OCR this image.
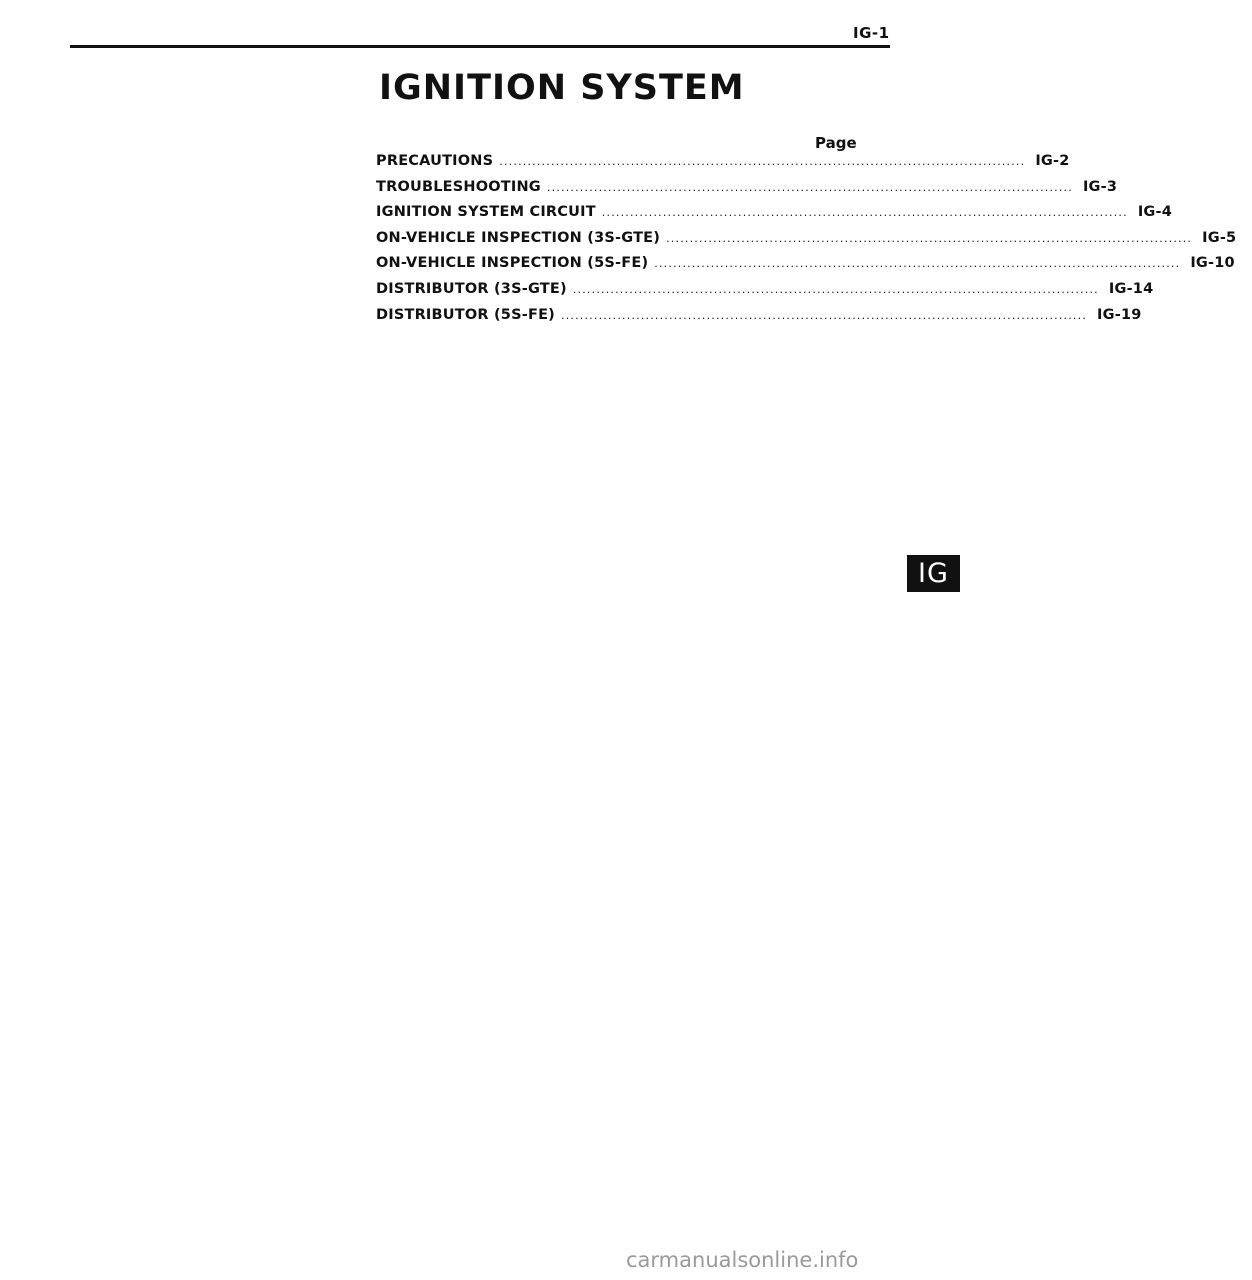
IG-1
IGNITION SYSTEM
Page
PRECAUTIONS ................................................................................................................ IG-2
TROUBLESHOOTING ................................................................................................................ IG-3
IGNITION SYSTEM CIRCUIT ................................................................................................................ IG-4
ON-VEHICLE INSPECTION (3S-GTE) ................................................................................................................ IG-5
ON-VEHICLE INSPECTION (5S-FE) ................................................................................................................ IG-10
DISTRIBUTOR (3S-GTE) ................................................................................................................ IG-14
DISTRIBUTOR (5S-FE) ................................................................................................................ IG-19
IG
carmanualsonline.info
